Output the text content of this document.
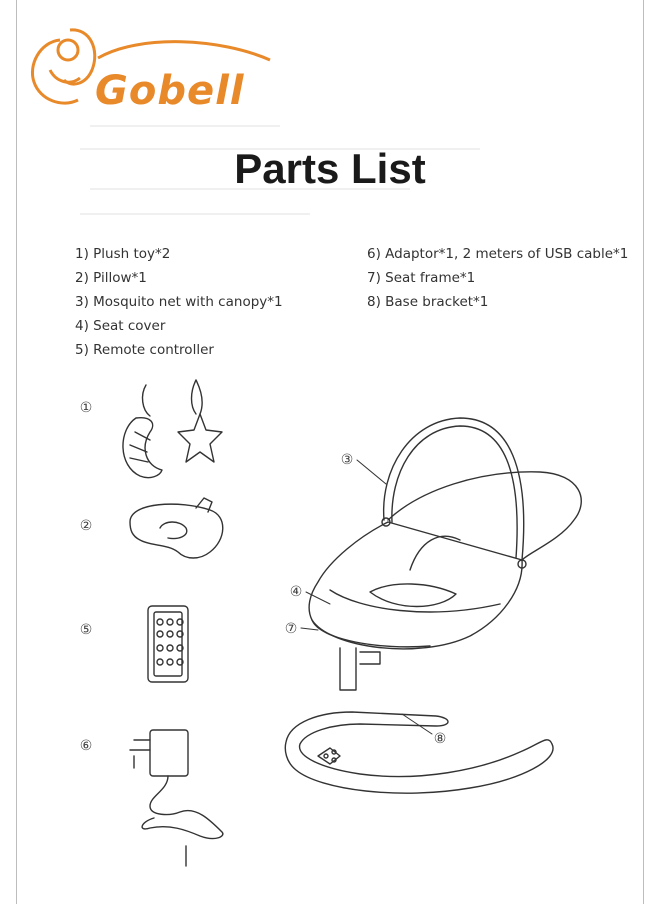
Gobell
Parts List
1) Plush toy*2
2) Pillow*1
3) Mosquito net with canopy*1
4) Seat cover
5) Remote controller
6) Adaptor*1, 2 meters of USB cable*1
7) Seat frame*1
8) Base bracket*1
①
②
⑤
⑥
③
④
⑦
⑧
